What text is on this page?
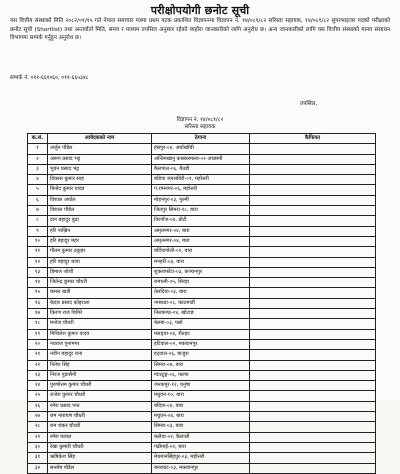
परीक्षोपयोगी छनोट सूची
यस वित्तीय संस्थाको मिति २०८२/०१/१५ गते नेपाल समाचार पत्रमा प्रथम पटक प्रकाशित विज्ञापनमा विज्ञापन नं. १४/०८१/८२ सरिस्ता सहायक, १४/०८१/८२ सुपरभाइजर पदको परीक्षाको छनोट सूची (Shortlist) तथा अन्तर्वार्ता मिति, समय र माध्यम तपसिल अनुसार रहेको व्यहोरा जानकारीको लागि अनुरोध छ। अन्य जानकारीको लागि यस वित्तीय संस्थाको मानव संसाधन विभागमा सम्पर्क गर्नुहुन अनुरोध छ।
सम्पर्क नं. ०११-६६१०६०, ०११-६६५३४८
तपसिल,
विज्ञापन नं. १४/०८१/८२
सरिस्ता सहायक
क.सं.	आवेदकको नाम	ठेगाना	कैफियत
१	अर्जुन पौडेल	हंसपुर-०४, अर्घाखाँची	
२	अरुण प्रसाद भट्ट	अन्तिमखानु कास्करमल्ल-०२ अच्छामी	
३	भुवन प्रसाद भट्ट	कैलपाल-०६, बैतडी	
४	विकास कुमार साह	बडिया जनलविरी-०१, महोत्तरी	
५	बिनोद कुमार यादव	ग.रामनगर-०६, महोत्तरी	
६	विशाल अर्याल	मोहनपुर-०३, गुल्मी	
७	विशाल पौडेल	जितपुर सिमरा-१८, बारा	
८	दान बहादुर बुढा	विरगाँज-०४, डोटी	
९	हरि पाख्रिन	अमृतनगर-०४, बारा	
१०	हरि बहादुर महर	अमृतनगर-०४, बारा	
११	गौतम कुमार ठकुहर	बर्दियागोली-०१, बारा	
१२	हरि बहादुर थापा	मनहरी-०३, बारा	
१३	हिमाल जोशी	शुक्लाफाँटा-०३, कञ्चनपुर	
१४	जितेन्द्र कुमार चौधरी	रामधनी-०५, सिरहा	
१५	कमल खत्री	तेलदिया-०३, बारा	
१६	केदार प्रसाद कोइराला	नमकडा-०८, काठमाडौं	
१७	किरण राज घिमिरे	निलकण्ठ-०४, खोटाङ	
१८	मनोज चौधरी	बेलबा-०३, पर्सा	
१९	मिथिलेश कुमार यादव	मलङ्वा-०४, रौतहट	
२०	नवराज पुनामगर	हटिवाल-०२, मकवानपुर	
२१	नवीन बहादुर राना	हट्वाल-०६, बाजुरा	
२२	नितेश सिंह	सिमरा-०७, बारा	
२३	निरज पुडासैनी	ग्वाल्टुङ्ग-०६, पाल्पा	
२४	पुरुषोत्तम कुमार चौधरी	जनकपुर-१२, धनुषा	
२५	राजेश कुमार चौधरी	मधुवन-१०, बारा	
२६	रमेश प्रसाद पन्त	बदिया-०४, बारा	
२७	राम नारायण चौधरी	मधुवन-०४, बारा	
२८	राम शंकर चौधरी	सिमरा-०३, बारा	
२९	रमेश घलाल	कलैया-०२, कैलाली	
३०	रेखा कुमारी चौधरी	गढीमाई-०२, बारा	
३१	ऋषिकेश सिंह	मेथमानसिंहपुर-०३, महोत्तरी	
३२	सन्तोष पौडेल	बनरघाट-०३, मकवानपुर	
